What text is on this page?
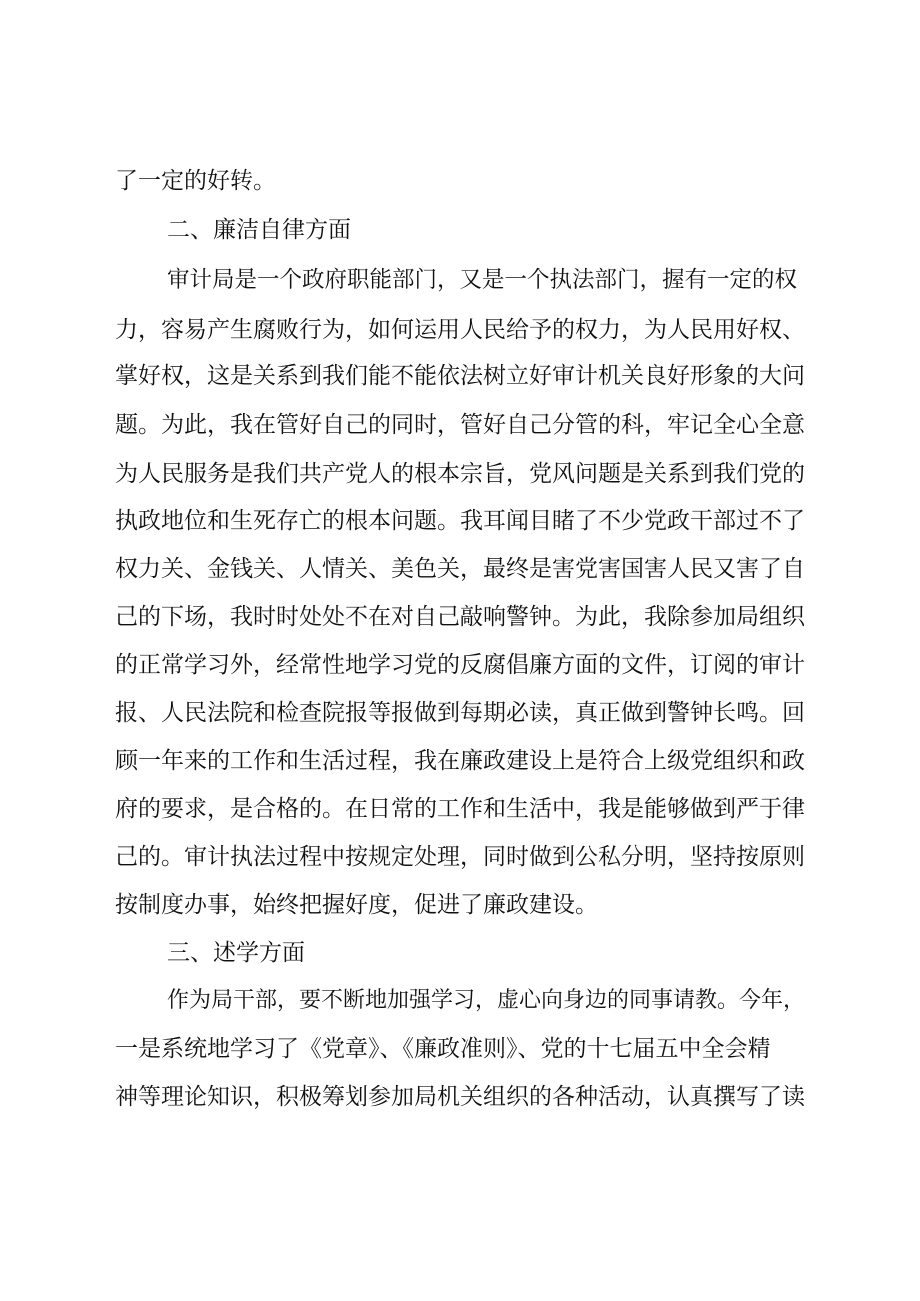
了一定的好转。
二、廉洁自律方面
审计局是一个政府职能部门，又是一个执法部门，握有一定的权
力，容易产生腐败行为，如何运用人民给予的权力，为人民用好权、
掌好权，这是关系到我们能不能依法树立好审计机关良好形象的大问
题。为此，我在管好自己的同时，管好自己分管的科，牢记全心全意
为人民服务是我们共产党人的根本宗旨，党风问题是关系到我们党的
执政地位和生死存亡的根本问题。我耳闻目睹了不少党政干部过不了
权力关、金钱关、人情关、美色关，最终是害党害国害人民又害了自
己的下场，我时时处处不在对自己敲响警钟。为此，我除参加局组织
的正常学习外，经常性地学习党的反腐倡廉方面的文件，订阅的审计
报、人民法院和检查院报等报做到每期必读，真正做到警钟长鸣。回
顾一年来的工作和生活过程，我在廉政建设上是符合上级党组织和政
府的要求，是合格的。在日常的工作和生活中，我是能够做到严于律
己的。审计执法过程中按规定处理，同时做到公私分明，坚持按原则
按制度办事，始终把握好度，促进了廉政建设。
三、述学方面
作为局干部，要不断地加强学习，虚心向身边的同事请教。今年，
一是系统地学习了《党章》、《廉政准则》、党的十七届五中全会精
神等理论知识，积极筹划参加局机关组织的各种活动，认真撰写了读
